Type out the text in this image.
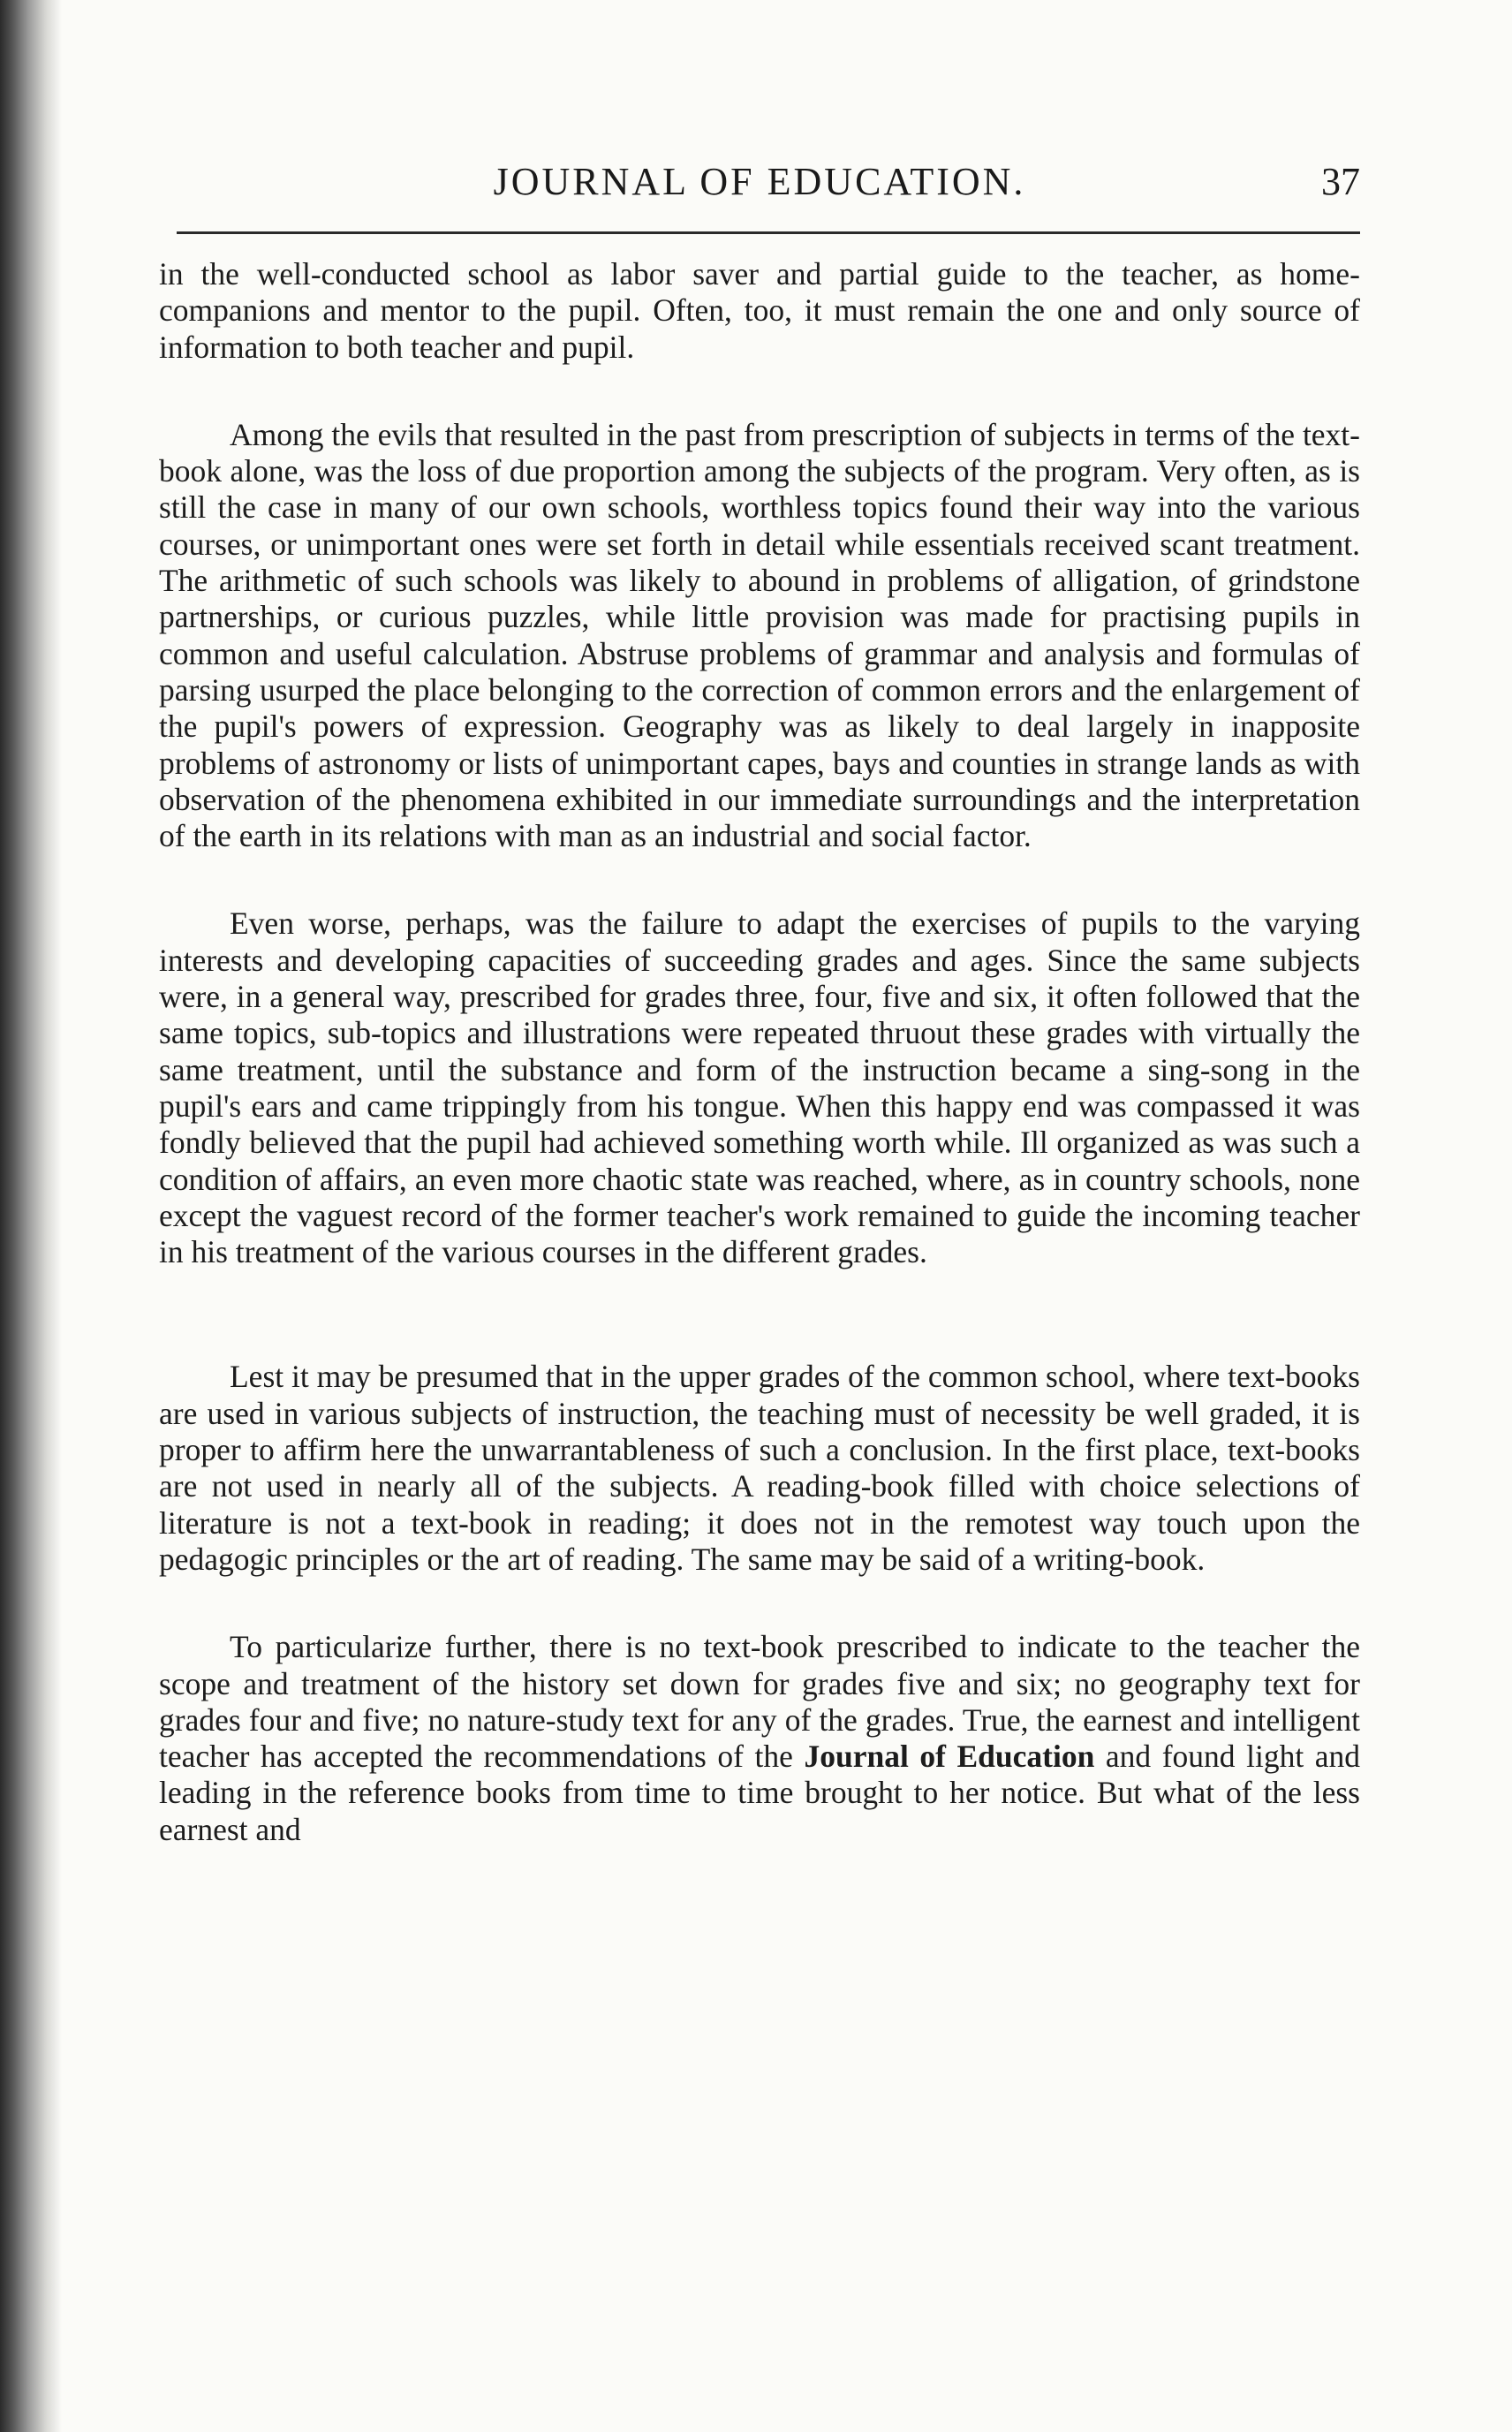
JOURNAL OF EDUCATION.	37

in the well-conducted school as labor saver and partial guide to the teacher, as home-companions and mentor to the pupil. Often, too, it must remain the one and only source of information to both teacher and pupil.

Among the evils that resulted in the past from prescription of subjects in terms of the text-book alone, was the loss of due proportion among the subjects of the program. Very often, as is still the case in many of our own schools, worthless topics found their way into the various courses, or unimportant ones were set forth in detail while essentials received scant treatment. The arithmetic of such schools was likely to abound in problems of alligation, of grindstone partnerships, or curious puzzles, while little provision was made for practising pupils in common and useful calculation. Abstruse problems of grammar and analysis and formulas of parsing usurped the place belonging to the correction of common errors and the enlargement of the pupil's powers of expression. Geography was as likely to deal largely in inapposite problems of astronomy or lists of unimportant capes, bays and counties in strange lands as with observation of the phenomena exhibited in our immediate surroundings and the interpretation of the earth in its relations with man as an industrial and social factor.

Even worse, perhaps, was the failure to adapt the exercises of pupils to the varying interests and developing capacities of succeeding grades and ages. Since the same subjects were, in a general way, prescribed for grades three, four, five and six, it often followed that the same topics, sub-topics and illustrations were repeated thruout these grades with virtually the same treatment, until the substance and form of the instruction became a sing-song in the pupil's ears and came trippingly from his tongue. When this happy end was compassed it was fondly believed that the pupil had achieved something worth while. Ill organized as was such a condition of affairs, an even more chaotic state was reached, where, as in country schools, none except the vaguest record of the former teacher's work remained to guide the incoming teacher in his treatment of the various courses in the different grades.

Lest it may be presumed that in the upper grades of the common school, where text-books are used in various subjects of instruction, the teaching must of necessity be well graded, it is proper to affirm here the unwarrantableness of such a conclusion. In the first place, text-books are not used in nearly all of the subjects. A reading-book filled with choice selections of literature is not a text-book in reading; it does not in the remotest way touch upon the pedagogic principles or the art of reading. The same may be said of a writing-book.

To particularize further, there is no text-book prescribed to indicate to the teacher the scope and treatment of the history set down for grades five and six; no geography text for grades four and five; no nature-study text for any of the grades. True, the earnest and intelligent teacher has accepted the recommendations of the Journal of Education and found light and leading in the reference books from time to time brought to her notice. But what of the less earnest and
